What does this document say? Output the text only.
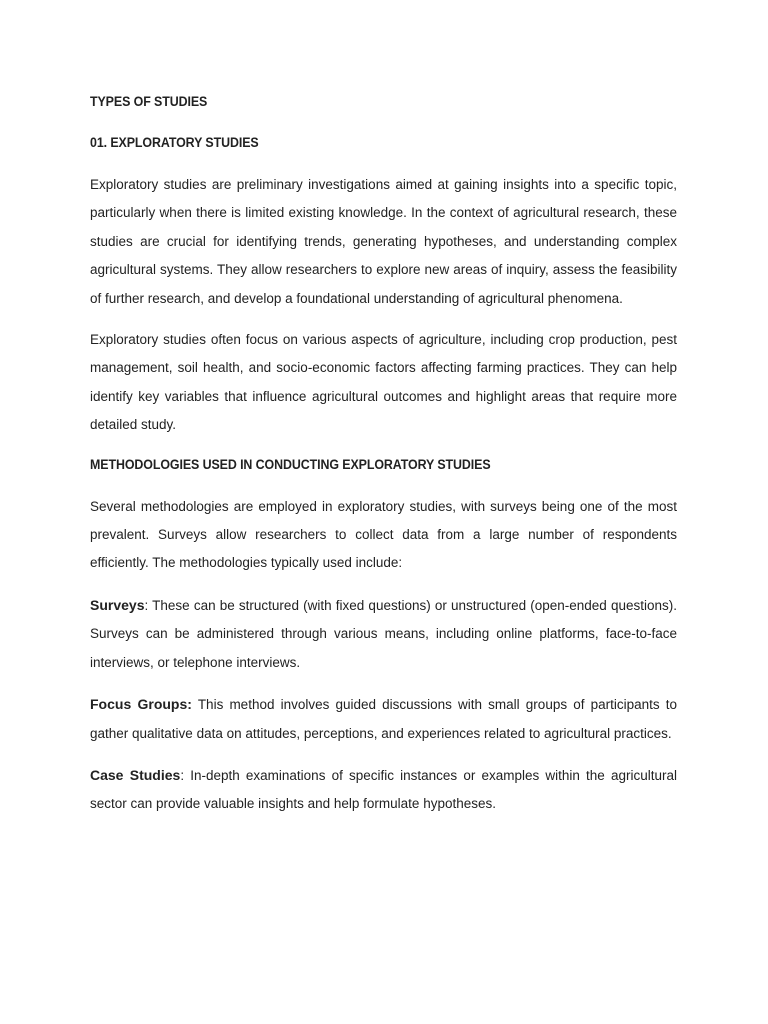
TYPES OF STUDIES
01. EXPLORATORY STUDIES

Exploratory studies are preliminary investigations aimed at gaining insights into a specific topic, particularly when there is limited existing knowledge. In the context of agricultural research, these studies are crucial for identifying trends, generating hypotheses, and understanding complex agricultural systems. They allow researchers to explore new areas of inquiry, assess the feasibility of further research, and develop a foundational understanding of agricultural phenomena.

Exploratory studies often focus on various aspects of agriculture, including crop production, pest management, soil health, and socio-economic factors affecting farming practices. They can help identify key variables that influence agricultural outcomes and highlight areas that require more detailed study.

METHODOLOGIES USED IN CONDUCTING EXPLORATORY STUDIES

Several methodologies are employed in exploratory studies, with surveys being one of the most prevalent. Surveys allow researchers to collect data from a large number of respondents efficiently. The methodologies typically used include:

Surveys: These can be structured (with fixed questions) or unstructured (open-ended questions). Surveys can be administered through various means, including online platforms, face-to-face interviews, or telephone interviews.

Focus Groups: This method involves guided discussions with small groups of participants to gather qualitative data on attitudes, perceptions, and experiences related to agricultural practices.

Case Studies: In-depth examinations of specific instances or examples within the agricultural sector can provide valuable insights and help formulate hypotheses.
